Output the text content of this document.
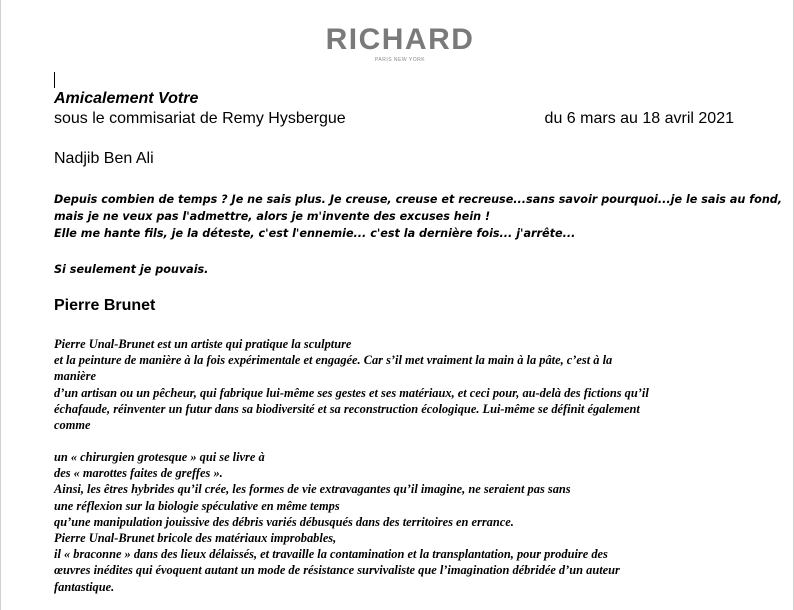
RICHARD
PARIS NEW YORK
Amicalement Votre
sous le commisariat de Remy Hysbergue	du 6 mars au 18 avril 2021
Nadjib Ben Ali
Depuis combien de temps ? Je ne sais plus. Je creuse, creuse et recreuse...sans savoir pourquoi...je le sais au fond,
mais je ne veux pas l'admettre, alors je m'invente des excuses hein !
Elle me hante fils, je la déteste, c'est l'ennemie... c'est la dernière fois... j'arrête...
Si seulement je pouvais.
Pierre Brunet
Pierre Unal-Brunet est un artiste qui pratique la sculpture
et la peinture de manière à la fois expérimentale et engagée. Car s’il met vraiment la main à la pâte, c’est à la
manière
d’un artisan ou un pêcheur, qui fabrique lui-même ses gestes et ses matériaux, et ceci pour, au-delà des fictions qu’il
échafaude, réinventer un futur dans sa biodiversité et sa reconstruction écologique. Lui-même se définit également
comme
un « chirurgien grotesque » qui se livre à
des « marottes faites de greffes ».
Ainsi, les êtres hybrides qu’il crée, les formes de vie extravagantes qu’il imagine, ne seraient pas sans
une réflexion sur la biologie spéculative en même temps
qu’une manipulation jouissive des débris variés débusqués dans des territoires en errance.
Pierre Unal-Brunet bricole des matériaux improbables,
il « braconne » dans des lieux délaissés, et travaille la contamination et la transplantation, pour produire des
œuvres inédites qui évoquent autant un mode de résistance survivaliste que l’imagination débridée d’un auteur
fantastique.
